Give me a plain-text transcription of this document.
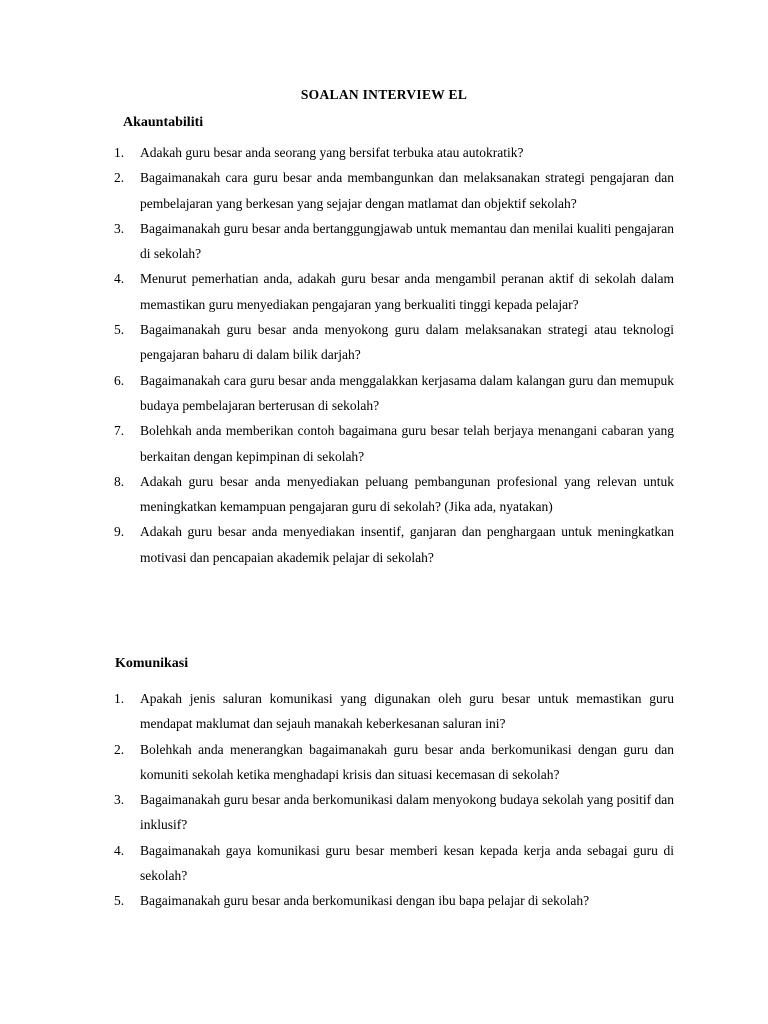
SOALAN INTERVIEW EL
Akauntabiliti
1. Adakah guru besar anda seorang yang bersifat terbuka atau autokratik?
2. Bagaimanakah cara guru besar anda membangunkan dan melaksanakan strategi pengajaran dan pembelajaran yang berkesan yang sejajar dengan matlamat dan objektif sekolah?
3. Bagaimanakah guru besar anda bertanggungjawab untuk memantau dan menilai kualiti pengajaran di sekolah?
4. Menurut pemerhatian anda, adakah guru besar anda mengambil peranan aktif di sekolah dalam memastikan guru menyediakan pengajaran yang berkualiti tinggi kepada pelajar?
5. Bagaimanakah guru besar anda menyokong guru dalam melaksanakan strategi atau teknologi pengajaran baharu di dalam bilik darjah?
6. Bagaimanakah cara guru besar anda menggalakkan kerjasama dalam kalangan guru dan memupuk budaya pembelajaran berterusan di sekolah?
7. Bolehkah anda memberikan contoh bagaimana guru besar telah berjaya menangani cabaran yang berkaitan dengan kepimpinan di sekolah?
8. Adakah guru besar anda menyediakan peluang pembangunan profesional yang relevan untuk meningkatkan kemampuan pengajaran guru di sekolah? (Jika ada, nyatakan)
9. Adakah guru besar anda menyediakan insentif, ganjaran dan penghargaan untuk meningkatkan motivasi dan pencapaian akademik pelajar di sekolah?
Komunikasi
1. Apakah jenis saluran komunikasi yang digunakan oleh guru besar untuk memastikan guru mendapat maklumat dan sejauh manakah keberkesanan saluran ini?
2. Bolehkah anda menerangkan bagaimanakah guru besar anda berkomunikasi dengan guru dan komuniti sekolah ketika menghadapi krisis dan situasi kecemasan di sekolah?
3. Bagaimanakah guru besar anda berkomunikasi dalam menyokong budaya sekolah yang positif dan inklusif?
4. Bagaimanakah gaya komunikasi guru besar memberi kesan kepada kerja anda sebagai guru di sekolah?
5. Bagaimanakah guru besar anda berkomunikasi dengan ibu bapa pelajar di sekolah?
